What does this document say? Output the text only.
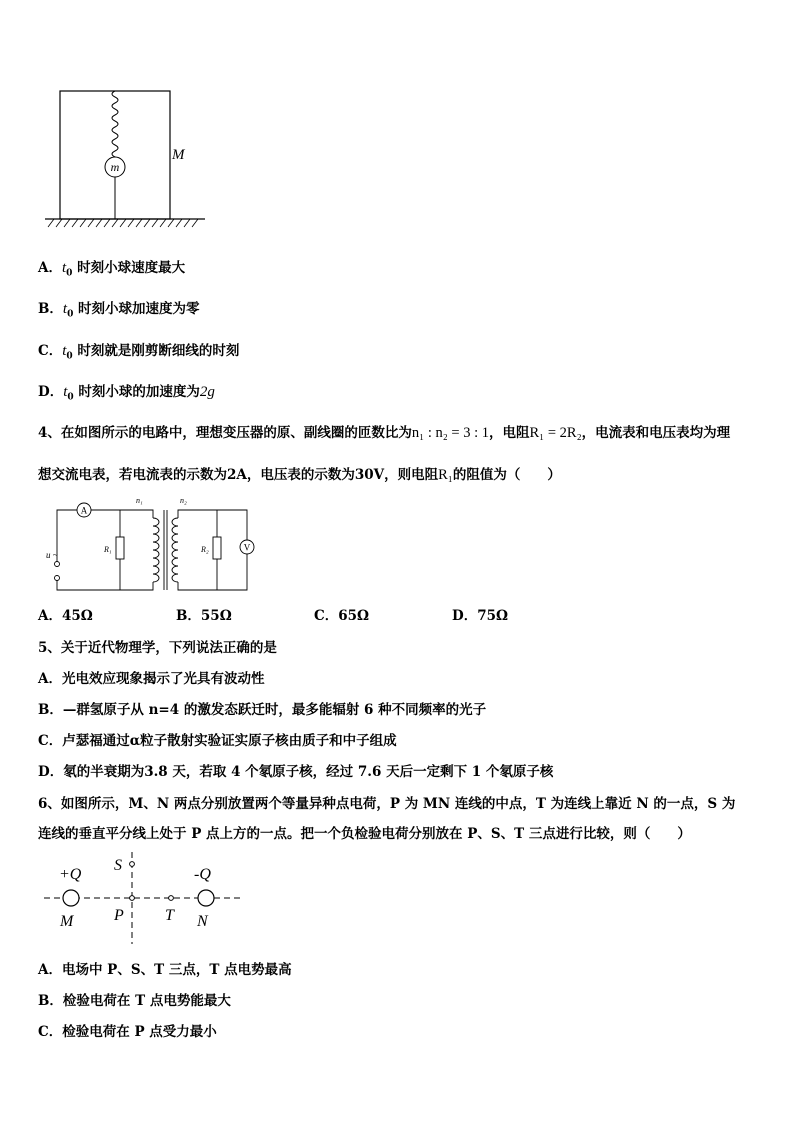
m
M
A．$t_0$ 时刻小球速度最大
B．$t_0$ 时刻小球加速度为零
C．$t_0$ 时刻就是刚剪断细线的时刻
D．$t_0$ 时刻小球的加速度为2g
4、在如图所示的电路中，理想变压器的原、副线圈的匝数比为n₁ : n₂ = 3 : 1，电阻R₁ = 2R₂，电流表和电压表均为理
想交流电表，若电流表的示数为2A，电压表的示数为30V，则电阻R₁的阻值为（　　）
u ~
A
R₁
n₁	n₂
R₂	V
A．45Ω	B．55Ω	C．65Ω	D．75Ω
5、关于近代物理学，下列说法正确的是
A．光电效应现象揭示了光具有波动性
B．—群氢原子从 n=4 的激发态跃迁时，最多能辐射 6 种不同频率的光子
C．卢瑟福通过α粒子散射实验证实原子核由质子和中子组成
D．氡的半衰期为3.8 天，若取 4 个氡原子核，经过 7.6 天后一定剩下 1 个氡原子核
6、如图所示，M、N 两点分别放置两个等量异种点电荷，P 为 MN 连线的中点，T 为连线上靠近 N 的一点，S 为
连线的垂直平分线上处于 P 点上方的一点。把一个负检验电荷分别放在 P、S、T 三点进行比较，则（　　）
+Q	-Q
S
M	P	T N
A．电场中 P、S、T 三点，T 点电势最高
B．检验电荷在 T 点电势能最大
C．检验电荷在 P 点受力最小
